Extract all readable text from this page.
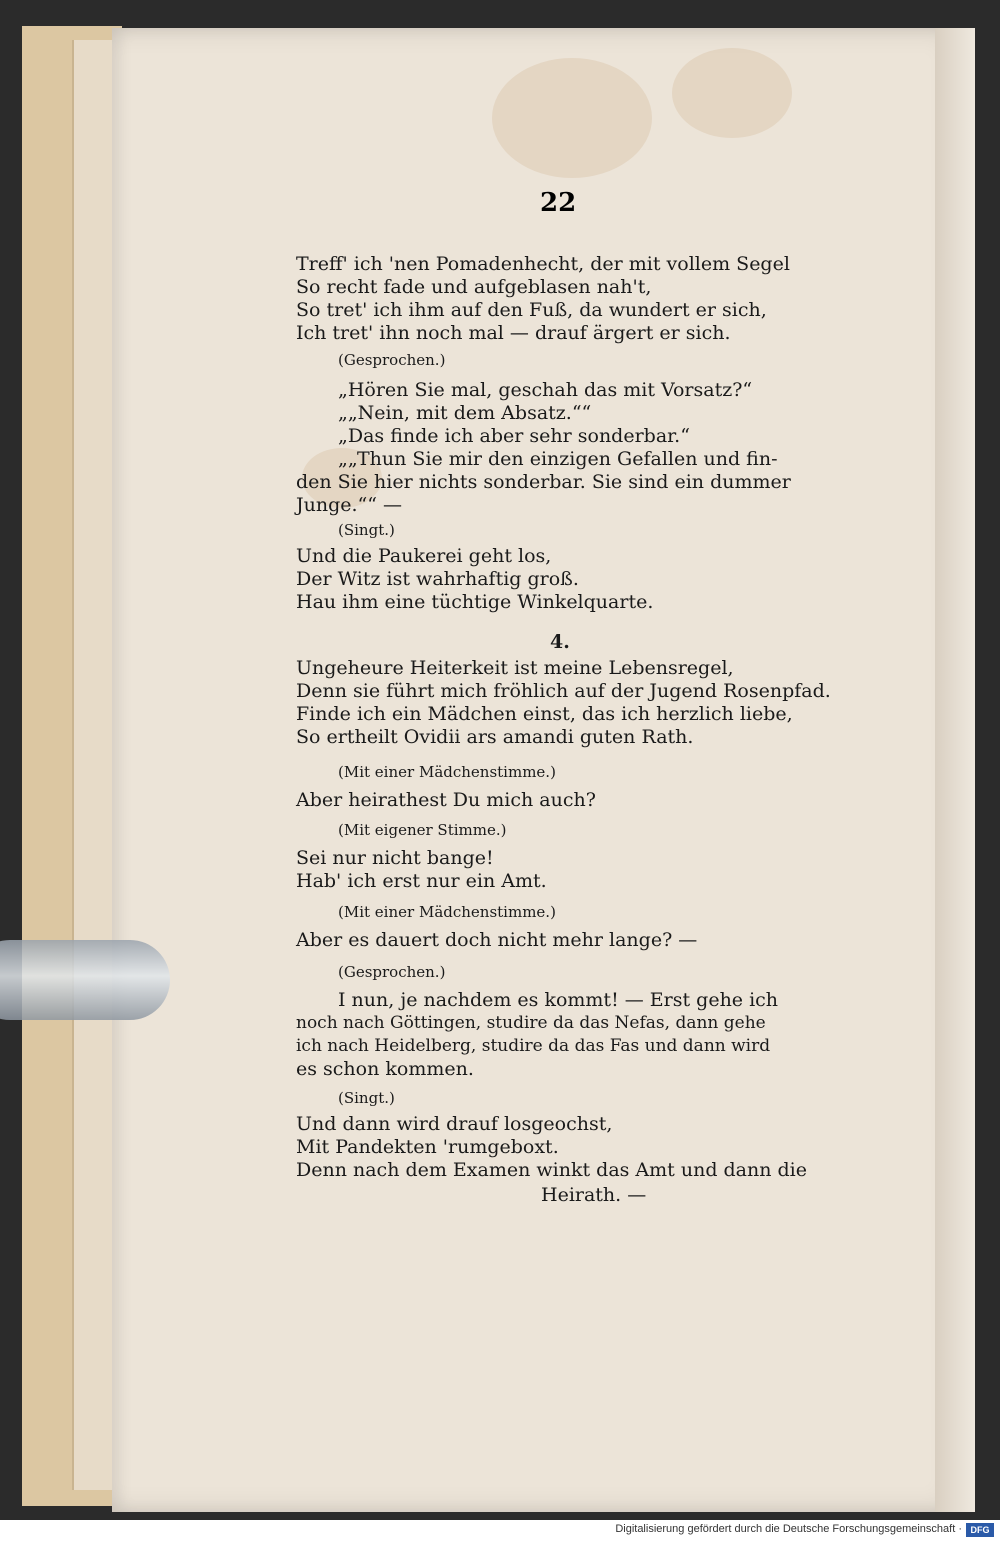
22
Treff' ich 'nen Pomadenhecht, der mit vollem Segel
So recht fade und aufgeblasen nah't,
So tret' ich ihm auf den Fuß, da wundert er sich,
Ich tret' ihn noch mal — drauf ärgert er sich.
(Gesprochen.)
„Hören Sie mal, geschah das mit Vorsatz?“
„„Nein, mit dem Absatz.““
„Das finde ich aber sehr sonderbar.“
„„Thun Sie mir den einzigen Gefallen und fin-
den Sie hier nichts sonderbar. Sie sind ein dummer
Junge.““ —
(Singt.)
Und die Paukerei geht los,
Der Witz ist wahrhaftig groß.
Hau ihm eine tüchtige Winkelquarte.
4.
Ungeheure Heiterkeit ist meine Lebensregel,
Denn sie führt mich fröhlich auf der Jugend Rosenpfad.
Finde ich ein Mädchen einst, das ich herzlich liebe,
So ertheilt Ovidii ars amandi guten Rath.
(Mit einer Mädchenstimme.)
Aber heirathest Du mich auch?
(Mit eigener Stimme.)
Sei nur nicht bange!
Hab' ich erst nur ein Amt.
(Mit einer Mädchenstimme.)
Aber es dauert doch nicht mehr lange? —
(Gesprochen.)
I nun, je nachdem es kommt! — Erst gehe ich
noch nach Göttingen, studire da das Nefas, dann gehe
ich nach Heidelberg, studire da das Fas und dann wird
es schon kommen.
(Singt.)
Und dann wird drauf losgeochst,
Mit Pandekten 'rumgeboxt.
Denn nach dem Examen winkt das Amt und dann die
Heirath. —
Digitalisierung gefördert durch die Deutsche Forschungsgemeinschaft · DFG
